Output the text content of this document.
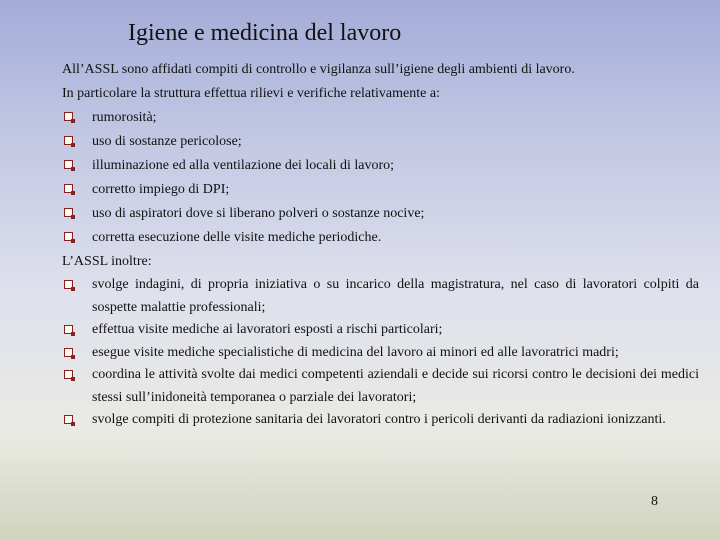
Igiene e medicina del lavoro

All’ASSL sono affidati compiti di controllo e vigilanza sull’igiene degli ambienti di lavoro.

In particolare la struttura effettua rilievi e verifiche relativamente a:

rumorosità;
uso di sostanze pericolose;
illuminazione ed alla ventilazione dei locali di lavoro;
corretto impiego di DPI;
uso di aspiratori dove si liberano polveri o sostanze nocive;
corretta esecuzione delle visite mediche periodiche.

L’ASSL inoltre:

svolge indagini, di propria iniziativa o su incarico della magistratura, nel caso di lavoratori colpiti da sospette malattie professionali;
effettua visite mediche ai lavoratori esposti a rischi particolari;
esegue visite mediche specialistiche di medicina del lavoro ai minori ed alle lavoratrici madri;
coordina le attività svolte dai medici competenti aziendali e decide sui ricorsi contro le decisioni dei medici stessi sull’inidoneità temporanea o parziale dei lavoratori;
svolge compiti di protezione sanitaria dei lavoratori contro i pericoli derivanti da radiazioni ionizzanti.
8
